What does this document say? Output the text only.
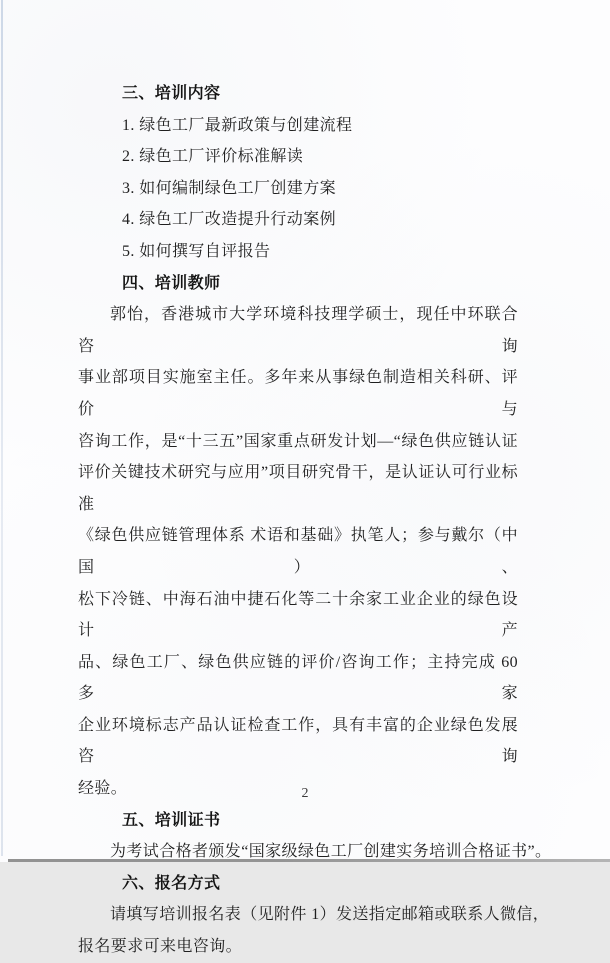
三、培训内容
1. 绿色工厂最新政策与创建流程
2. 绿色工厂评价标准解读
3. 如何编制绿色工厂创建方案
4. 绿色工厂改造提升行动案例
5. 如何撰写自评报告
四、培训教师
郭怡，香港城市大学环境科技理学硕士，现任中环联合咨询
事业部项目实施室主任。多年来从事绿色制造相关科研、评价与
咨询工作，是“十三五”国家重点研发计划—“绿色供应链认证
评价关键技术研究与应用”项目研究骨干，是认证认可行业标准
《绿色供应链管理体系 术语和基础》执笔人；参与戴尔（中国）、
松下冷链、中海石油中捷石化等二十余家工业企业的绿色设计产
品、绿色工厂、绿色供应链的评价/咨询工作；主持完成 60 多家
企业环境标志产品认证检查工作，具有丰富的企业绿色发展咨询
经验。
五、培训证书
为考试合格者颁发“国家级绿色工厂创建实务培训合格证书”。
六、报名方式
请填写培训报名表（见附件 1）发送指定邮箱或联系人微信，
报名要求可来电咨询。
2
